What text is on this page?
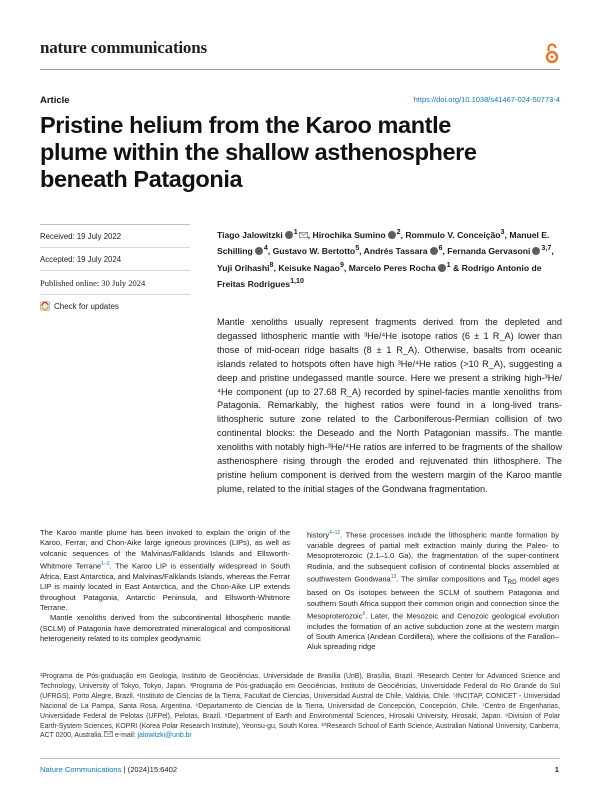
nature communications
Article	https://doi.org/10.1038/s41467-024-50773-4
Pristine helium from the Karoo mantle plume within the shallow asthenosphere beneath Patagonia
Received: 19 July 2022
Accepted: 19 July 2024
Published online: 30 July 2024
Check for updates
Tiago Jalowitzki $^1$ , Hirochika Sumino $^2$, Rommulo V. Conceição$^3$, Manuel E. Schilling $^4$, Gustavo W. Bertotto$^5$, Andrés Tassara $^6$, Fernanda Gervasoni $^{3,7}$, Yuji Orihashi$^8$, Keisuke Nagao$^9$, Marcelo Peres Rocha $^1$ & Rodrigo Antonio de Freitas Rodrigues$^{1,10}$

Mantle xenoliths usually represent fragments derived from the depleted and degassed lithospheric mantle with ³He/⁴He isotope ratios (6 ± 1 R_A) lower than those of mid-ocean ridge basalts (8 ± 1 R_A). Otherwise, basalts from oceanic islands related to hotspots often have high ³He/⁴He ratios (>10 R_A), suggesting a deep and pristine undegassed mantle source. Here we present a striking high-³He/⁴He component (up to 27.68 R_A) recorded by spinel-facies mantle xenoliths from Patagonia. Remarkably, the highest ratios were found in a long-lived trans-lithospheric suture zone related to the Carboniferous-Permian collision of two continental blocks: the Deseado and the North Patagonian massifs. The mantle xenoliths with notably high-³He/⁴He ratios are inferred to be fragments of the shallow asthenosphere rising through the eroded and rejuvenated thin lithosphere. The pristine helium component is derived from the western margin of the Karoo mantle plume, related to the initial stages of the Gondwana fragmentation.

The Karoo mantle plume has been invoked to explain the origin of the Karoo, Ferrar, and Chon-Aike large igneous provinces (LIPs), as well as volcanic sequences of the Malvinas/Falklands Islands and Ellsworth-Whitmore Terrane$^{1-3}$. The Karoo LIP is essentially widespread in South Africa, East Antarctica, and Malvinas/Falklands Islands, whereas the Ferrar LIP is mainly located in East Antarctica, and the Chon-Aike LIP extends throughout Patagonia, Antarctic Peninsula, and Ellsworth-Whitmore Terrane.

Mantle xenoliths derived from the subcontinental lithospheric mantle (SCLM) of Patagonia have demonstrated mineralogical and compositional heterogeneity related to its complex geodynamic

history$^{4-12}$. These processes include the lithospheric mantle formation by variable degrees of partial melt extraction mainly during the Paleo- to Mesoproterozoic (2.1–1.0 Ga), the fragmentation of the super-continent Rodinia, and the subsequent collision of continental blocks assembled at southwestern Gondwana$^{13}$. The similar compositions and $T_{RD}$ model ages based on Os isotopes between the SCLM of southern Patagonia and southern South Africa support their common origin and connection since the Mesoproterozoic$^6$. Later, the Mesozoic and Cenozoic geological evolution includes the formation of an active subduction zone at the western margin of South America (Andean Cordillera), where the collisions of the Farallon–Aluk spreading ridge

¹Programa de Pós-graduação em Geologia, Instituto de Geociências, Universidade de Brasília (UnB), Brasília, Brazil. ²Research Center for Advanced Science and Technology, University of Tokyo, Tokyo, Japan. ³Programa de Pós-graduação em Geociências, Instituto de Geociências, Universidade Federal do Rio Grande do Sul (UFRGS), Porto Alegre, Brazil. ⁴Instituto de Ciencias de la Tierra, Facultad de Ciencias, Universidad Austral de Chile, Valdivia, Chile. ⁵INCITAP, CONICET - Universidad Nacional de La Pampa, Santa Rosa, Argentina. ⁶Departamento de Ciencias de la Tierra, Universidad de Concepción, Concepción, Chile. ⁷Centro de Engenharias, Universidade Federal de Pelotas (UFPel), Pelotas, Brazil. ⁸Department of Earth and Environmental Sciences, Hirosaki University, Hirosaki, Japan. ⁹Division of Polar Earth-System Sciences, KOPRI (Korea Polar Research Institute), Yeonsu-gu, South Korea. ¹⁰Research School of Earth Science, Australian National University, Canberra, ACT 0200, Australia. e-mail: jalowitzki@unb.br
Nature Communications | (2024)15:6402	1
